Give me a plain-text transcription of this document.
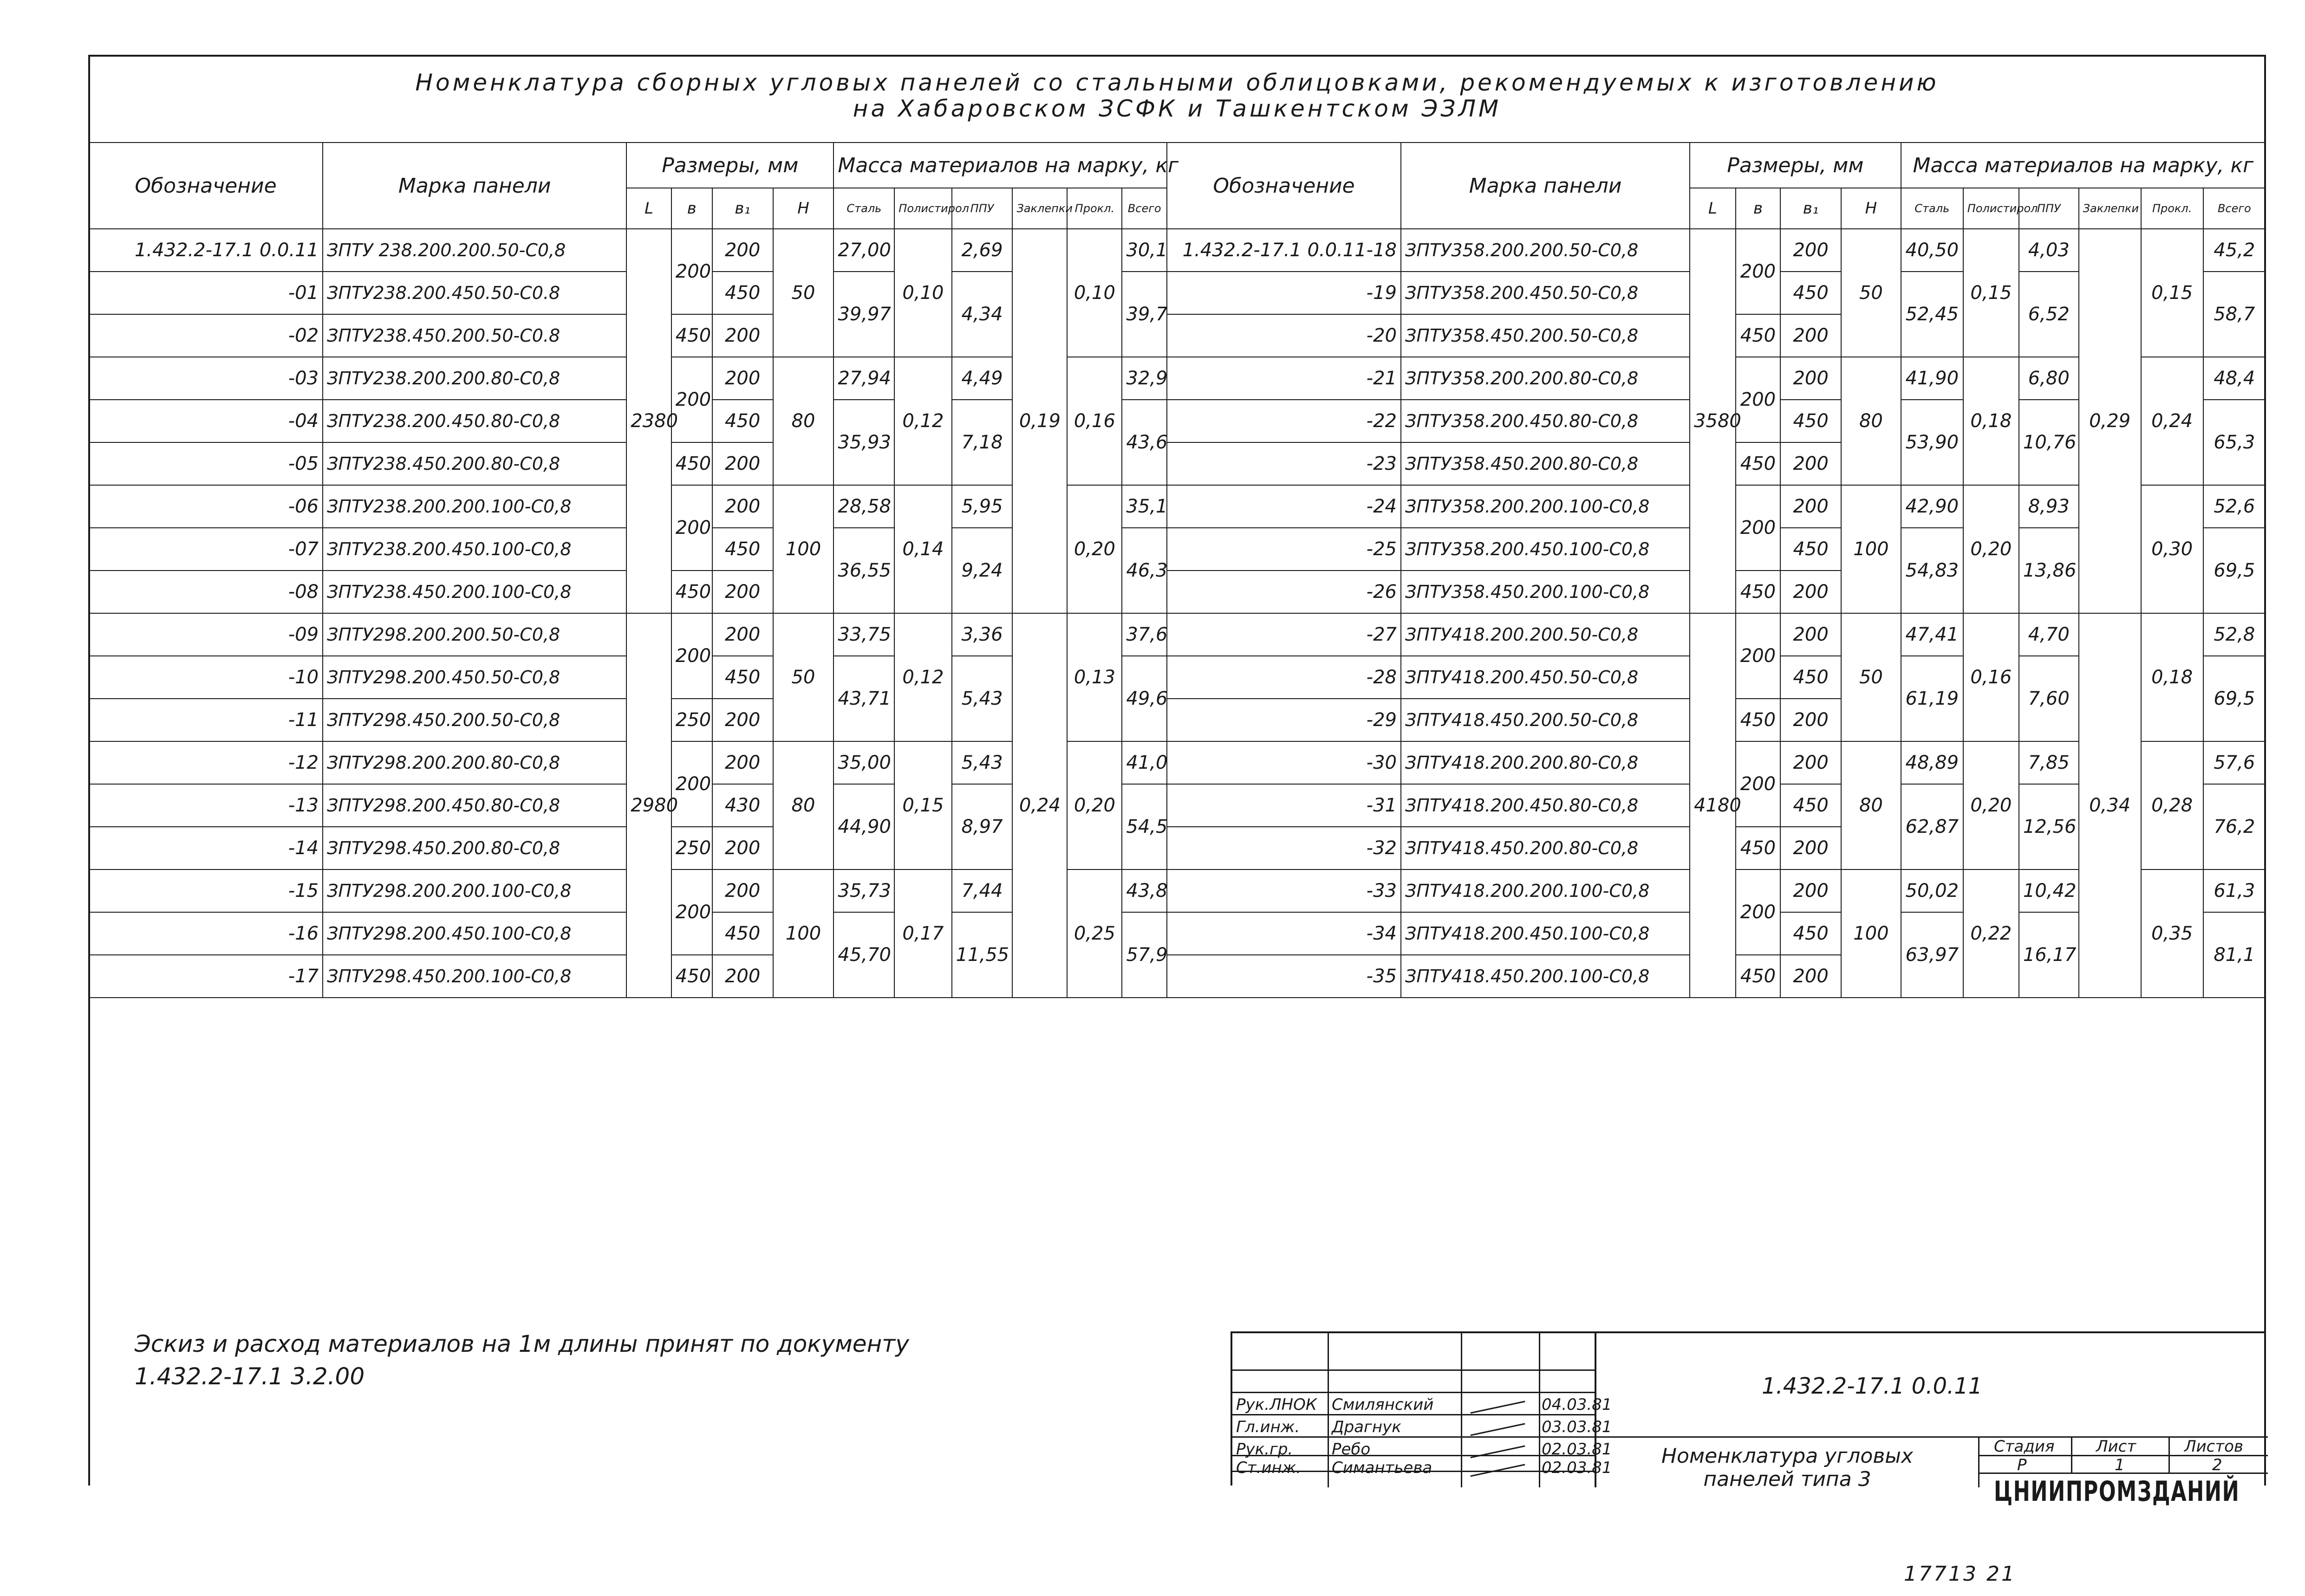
Номенклатура сборных угловых панелей со стальными облицовками, рекомендуемых к изготовлению
на Хабаровском ЗСФК и Ташкентском ЭЗЛМ
Обозначение	Марка панели	Размеры, мм				Масса материалов на марку, кг						Обозначение	Марка панели	Размеры, мм				Масса материалов на марку, кг					
		L	в	в₁	Н	Сталь	Полистирол	ППУ	Заклепки	Прокл.	Всего			L	в	в₁	Н	Сталь	Полистирол	ППУ	Заклепки	Прокл.	Всего
1.432.2-17.1 0.0.11	ЗПТУ 238.200.200.50-С0,8	2380	200	200	50	27,00	0,10	2,69	0,19	0,10	30,1	1.432.2-17.1 0.0.11-18	ЗПТУ358.200.200.50-С0,8	3580	200	200	50	40,50	0,15	4,03	0,29	0,15	45,2
-01	ЗПТУ238.200.450.50-С0.8			450		39,97		4,34			39,7	-19	ЗПТУ358.200.450.50-С0,8			450		52,45		6,52			58,7
-02	ЗПТУ238.450.200.50-С0.8		450	200								-20	ЗПТУ358.450.200.50-С0,8		450	200							
-03	ЗПТУ238.200.200.80-С0,8		200	200	80	27,94	0,12	4,49		0,16	32,9	-21	ЗПТУ358.200.200.80-С0,8		200	200	80	41,90	0,18	6,80		0,24	48,4
-04	ЗПТУ238.200.450.80-С0,8			450		35,93		7,18			43,6	-22	ЗПТУ358.200.450.80-С0,8			450		53,90		10,76			65,3
-05	ЗПТУ238.450.200.80-С0,8		450	200								-23	ЗПТУ358.450.200.80-С0,8		450	200							
-06	ЗПТУ238.200.200.100-С0,8		200	200	100	28,58	0,14	5,95		0,20	35,1	-24	ЗПТУ358.200.200.100-С0,8		200	200	100	42,90	0,20	8,93		0,30	52,6
-07	ЗПТУ238.200.450.100-С0,8			450		36,55		9,24			46,3	-25	ЗПТУ358.200.450.100-С0,8			450		54,83		13,86			69,5
-08	ЗПТУ238.450.200.100-С0,8		450	200								-26	ЗПТУ358.450.200.100-С0,8		450	200							
-09	ЗПТУ298.200.200.50-С0,8	2980	200	200	50	33,75	0,12	3,36	0,24	0,13	37,6	-27	ЗПТУ418.200.200.50-С0,8	4180	200	200	50	47,41	0,16	4,70	0,34	0,18	52,8
-10	ЗПТУ298.200.450.50-С0,8			450		43,71		5,43			49,6	-28	ЗПТУ418.200.450.50-С0,8			450		61,19		7,60			69,5
-11	ЗПТУ298.450.200.50-С0,8		250	200								-29	ЗПТУ418.450.200.50-С0,8		450	200							
-12	ЗПТУ298.200.200.80-С0,8		200	200	80	35,00	0,15	5,43		0,20	41,0	-30	ЗПТУ418.200.200.80-С0,8		200	200	80	48,89	0,20	7,85		0,28	57,6
-13	ЗПТУ298.200.450.80-С0,8			430		44,90		8,97			54,5	-31	ЗПТУ418.200.450.80-С0,8			450		62,87		12,56			76,2
-14	ЗПТУ298.450.200.80-С0,8		250	200								-32	ЗПТУ418.450.200.80-С0,8		450	200							
-15	ЗПТУ298.200.200.100-С0,8		200	200	100	35,73	0,17	7,44		0,25	43,8	-33	ЗПТУ418.200.200.100-С0,8		200	200	100	50,02	0,22	10,42		0,35	61,3
-16	ЗПТУ298.200.450.100-С0,8			450		45,70		11,55			57,9	-34	ЗПТУ418.200.450.100-С0,8			450		63,97		16,17			81,1
-17	ЗПТУ298.450.200.100-С0,8		450	200								-35	ЗПТУ418.450.200.100-С0,8		450	200							
Эскиз и расход материалов на 1м длины принят по документу
1.432.2-17.1 3.2.00	1.432.2-17.1 0.0.11
Рук.ЛНОК Смилянский	04.03.81
Гл.инж. Драгнук	03.03.81
Рук.гр. Ребо	02.03.81
Ст.инж. Симантьева	02.03.81	Номенклатура угловых
панелей типа 3
Стадия	Лист	Листов
Р	1	2
ЦНИИПРОМЗДАНИЙ
17713 21
